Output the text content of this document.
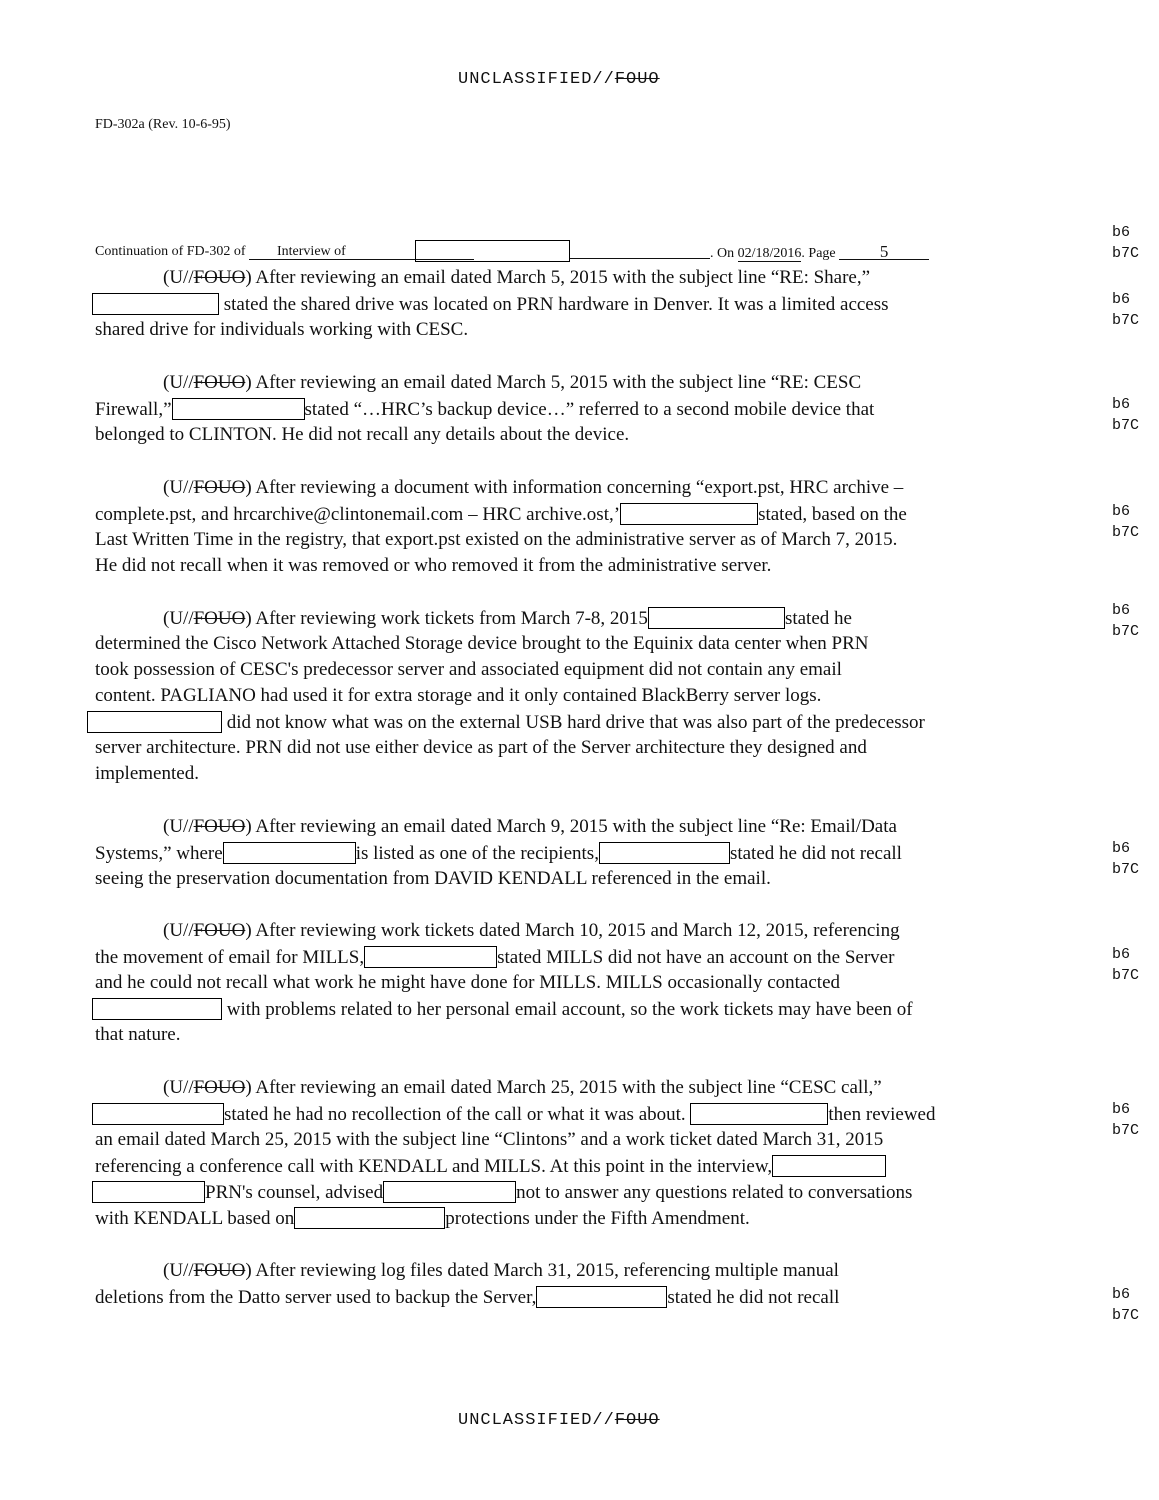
UNCLASSIFIED//FOUO
FD-302a (Rev. 10-6-95)
Continuation of FD-302 of Interview of	. On 02/18/2016. Page	5
b6
b7C
(U//FOUO) After reviewing an email dated March 5, 2015 with the subject line “RE: Share,”
stated the shared drive was located on PRN hardware in Denver. It was a limited access
shared drive for individuals working with CESC.
b6
b7C
(U//FOUO) After reviewing an email dated March 5, 2015 with the subject line “RE: CESC
Firewall,”	stated “…HRC’s backup device…” referred to a second mobile device that
belonged to CLINTON. He did not recall any details about the device.
b6
b7C
(U//FOUO) After reviewing a document with information concerning “export.pst, HRC archive –
complete.pst, and hrcarchive@clintonemail.com – HRC archive.ost,’	stated, based on the
Last Written Time in the registry, that export.pst existed on the administrative server as of March 7, 2015.
He did not recall when it was removed or who removed it from the administrative server.
b6
b7C
(U//FOUO) After reviewing work tickets from March 7-8, 2015	stated he
determined the Cisco Network Attached Storage device brought to the Equinix data center when PRN
took possession of CESC's predecessor server and associated equipment did not contain any email
content. PAGLIANO had used it for extra storage and it only contained BlackBerry server logs.
did not know what was on the external USB hard drive that was also part of the predecessor
server architecture. PRN did not use either device as part of the Server architecture they designed and
implemented.
b6
b7C
(U//FOUO) After reviewing an email dated March 9, 2015 with the subject line “Re: Email/Data
Systems,” where	is listed as one of the recipients,	stated he did not recall
seeing the preservation documentation from DAVID KENDALL referenced in the email.
b6
b7C
(U//FOUO) After reviewing work tickets dated March 10, 2015 and March 12, 2015, referencing
the movement of email for MILLS,	stated MILLS did not have an account on the Server
and he could not recall what work he might have done for MILLS. MILLS occasionally contacted
with problems related to her personal email account, so the work tickets may have been of
that nature.
b6
b7C
(U//FOUO) After reviewing an email dated March 25, 2015 with the subject line “CESC call,”
stated he had no recollection of the call or what it was about.	then reviewed
an email dated March 25, 2015 with the subject line “Clintons” and a work ticket dated March 31, 2015
referencing a conference call with KENDALL and MILLS. At this point in the interview,
PRN's counsel, advised	not to answer any questions related to conversations
with KENDALL based on	protections under the Fifth Amendment.
b6
b7C
(U//FOUO) After reviewing log files dated March 31, 2015, referencing multiple manual
deletions from the Datto server used to backup the Server,	stated he did not recall	b6
b7C
UNCLASSIFIED//FOUO
